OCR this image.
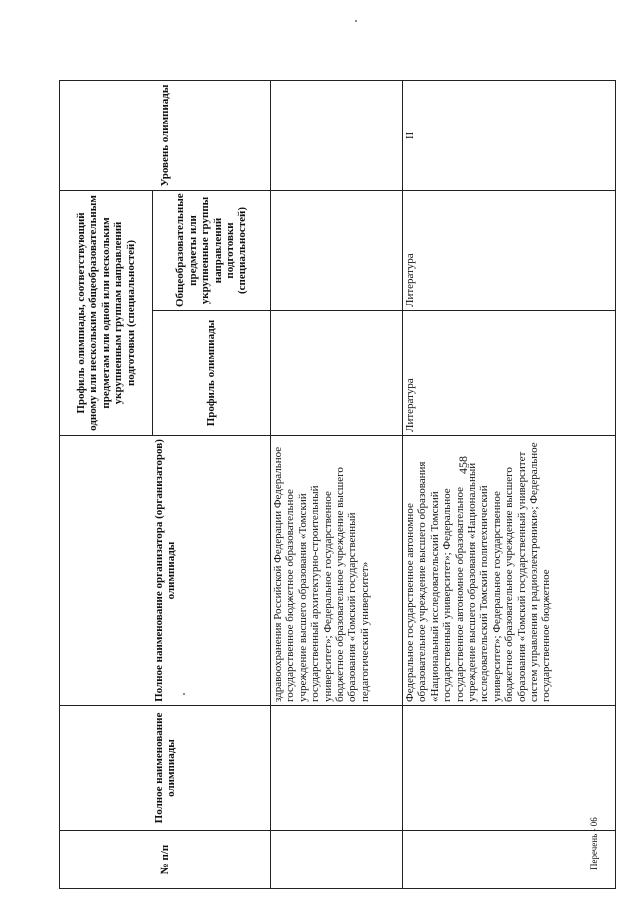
458
Перечень - 06
№ п/п	Полное наименование олимпиады	Полное наименование организатора (организаторов) олимпиады	Профиль олимпиады, соответствующий одному или нескольким общеобразовательным предметам или одной или нескольким укрупненным группам направлений подготовки (специальностей)		Уровень олимпиады
			Профиль олимпиады	Общеобразовательные предметы или укрупненные группы направлений подготовки (специальностей)	
		здравоохранения Российской Федерации Федеральное государственное бюджетное образовательное учреждение высшего образования «Томский государственный архитектурно-строительный университет»; Федеральное государственное бюджетное образовательное учреждение высшего образования «Томский государственный педагогический университет»			
		Федеральное государственное автономное образовательное учреждение высшего образования «Национальный исследовательский Томский государственный университет»; Федеральное государственное автономное образовательное учреждение высшего образования «Национальный исследовательский Томский политехнический университет»; Федеральное государственное бюджетное образовательное учреждение высшего образования «Томский государственный университет систем управления и радиоэлектроники»; Федеральное государственное бюджетное	Литература	Литература	II
